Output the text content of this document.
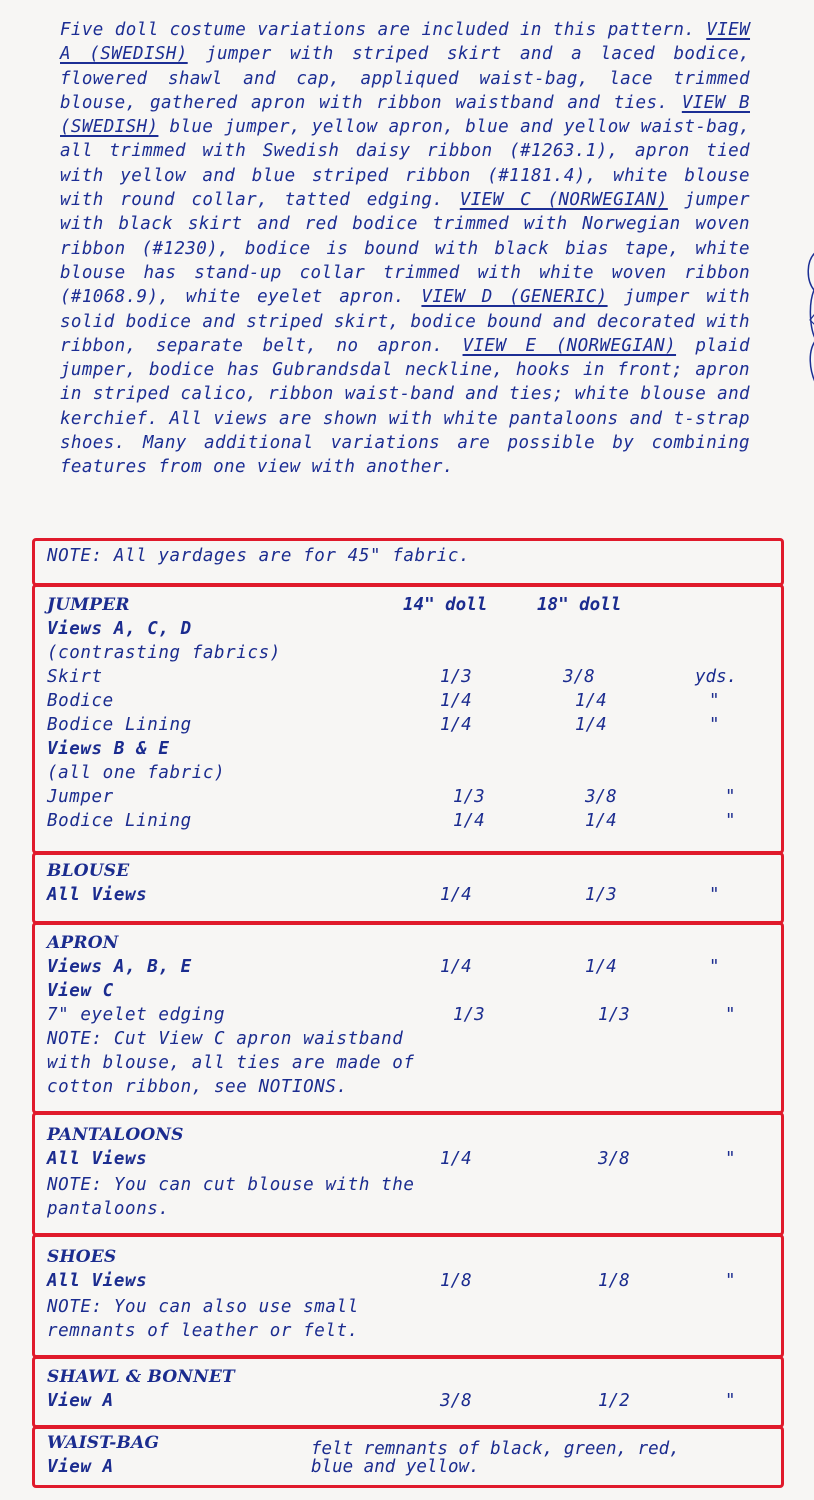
Five doll costume variations are included in this pattern. VIEW A (SWEDISH) jumper with striped skirt and a laced bodice, flowered shawl and cap, appliqued waist-bag, lace trimmed blouse, gathered apron with ribbon waistband and ties. VIEW B (SWEDISH) blue jumper, yellow apron, blue and yellow waist-bag, all trimmed with Swedish daisy ribbon (#1263.1), apron tied with yellow and blue striped ribbon (#1181.4), white blouse with round collar, tatted edging. VIEW C (NORWEGIAN) jumper with black skirt and red bodice trimmed with Norwegian woven ribbon (#1230), bodice is bound with black bias tape, white blouse has stand-up collar trimmed with white woven ribbon (#1068.9), white eyelet apron. VIEW D (GENERIC) jumper with solid bodice and striped skirt, bodice bound and decorated with ribbon, separate belt, no apron. VIEW E (NORWEGIAN) plaid jumper, bodice has Gubrandsdal neckline, hooks in front; apron in striped calico, ribbon waist-band and ties; white blouse and kerchief. All views are shown with white pantaloons and t-strap shoes. Many additional variations are possible by combining features from one view with another.
NOTE: All yardages are for 45" fabric.
JUMPER	14" doll	18" doll
Views A, C, D
(contrasting fabrics)
Skirt	1/3	3/8	yds.
Bodice	1/4	1/4	"
Bodice Lining	1/4	1/4	"
Views B & E
(all one fabric)
Jumper	1/3	3/8	"
Bodice Lining	1/4	1/4	"
BLOUSE
All Views	1/4	1/3	"
APRON
Views A, B, E	1/4	1/4	"
View C
7" eyelet edging	1/3	1/3	"
NOTE: Cut View C apron waistband
with blouse, all ties are made of
cotton ribbon, see NOTIONS.
PANTALOONS
All Views	1/4	3/8	"
NOTE: You can cut blouse with the
pantaloons.
SHOES
All Views	1/8	1/8	"
NOTE: You can also use small
remnants of leather or felt.
SHAWL & BONNET
View A	3/8	1/2	"
WAIST-BAG
View A
felt remnants of black, green, red,
blue and yellow.
